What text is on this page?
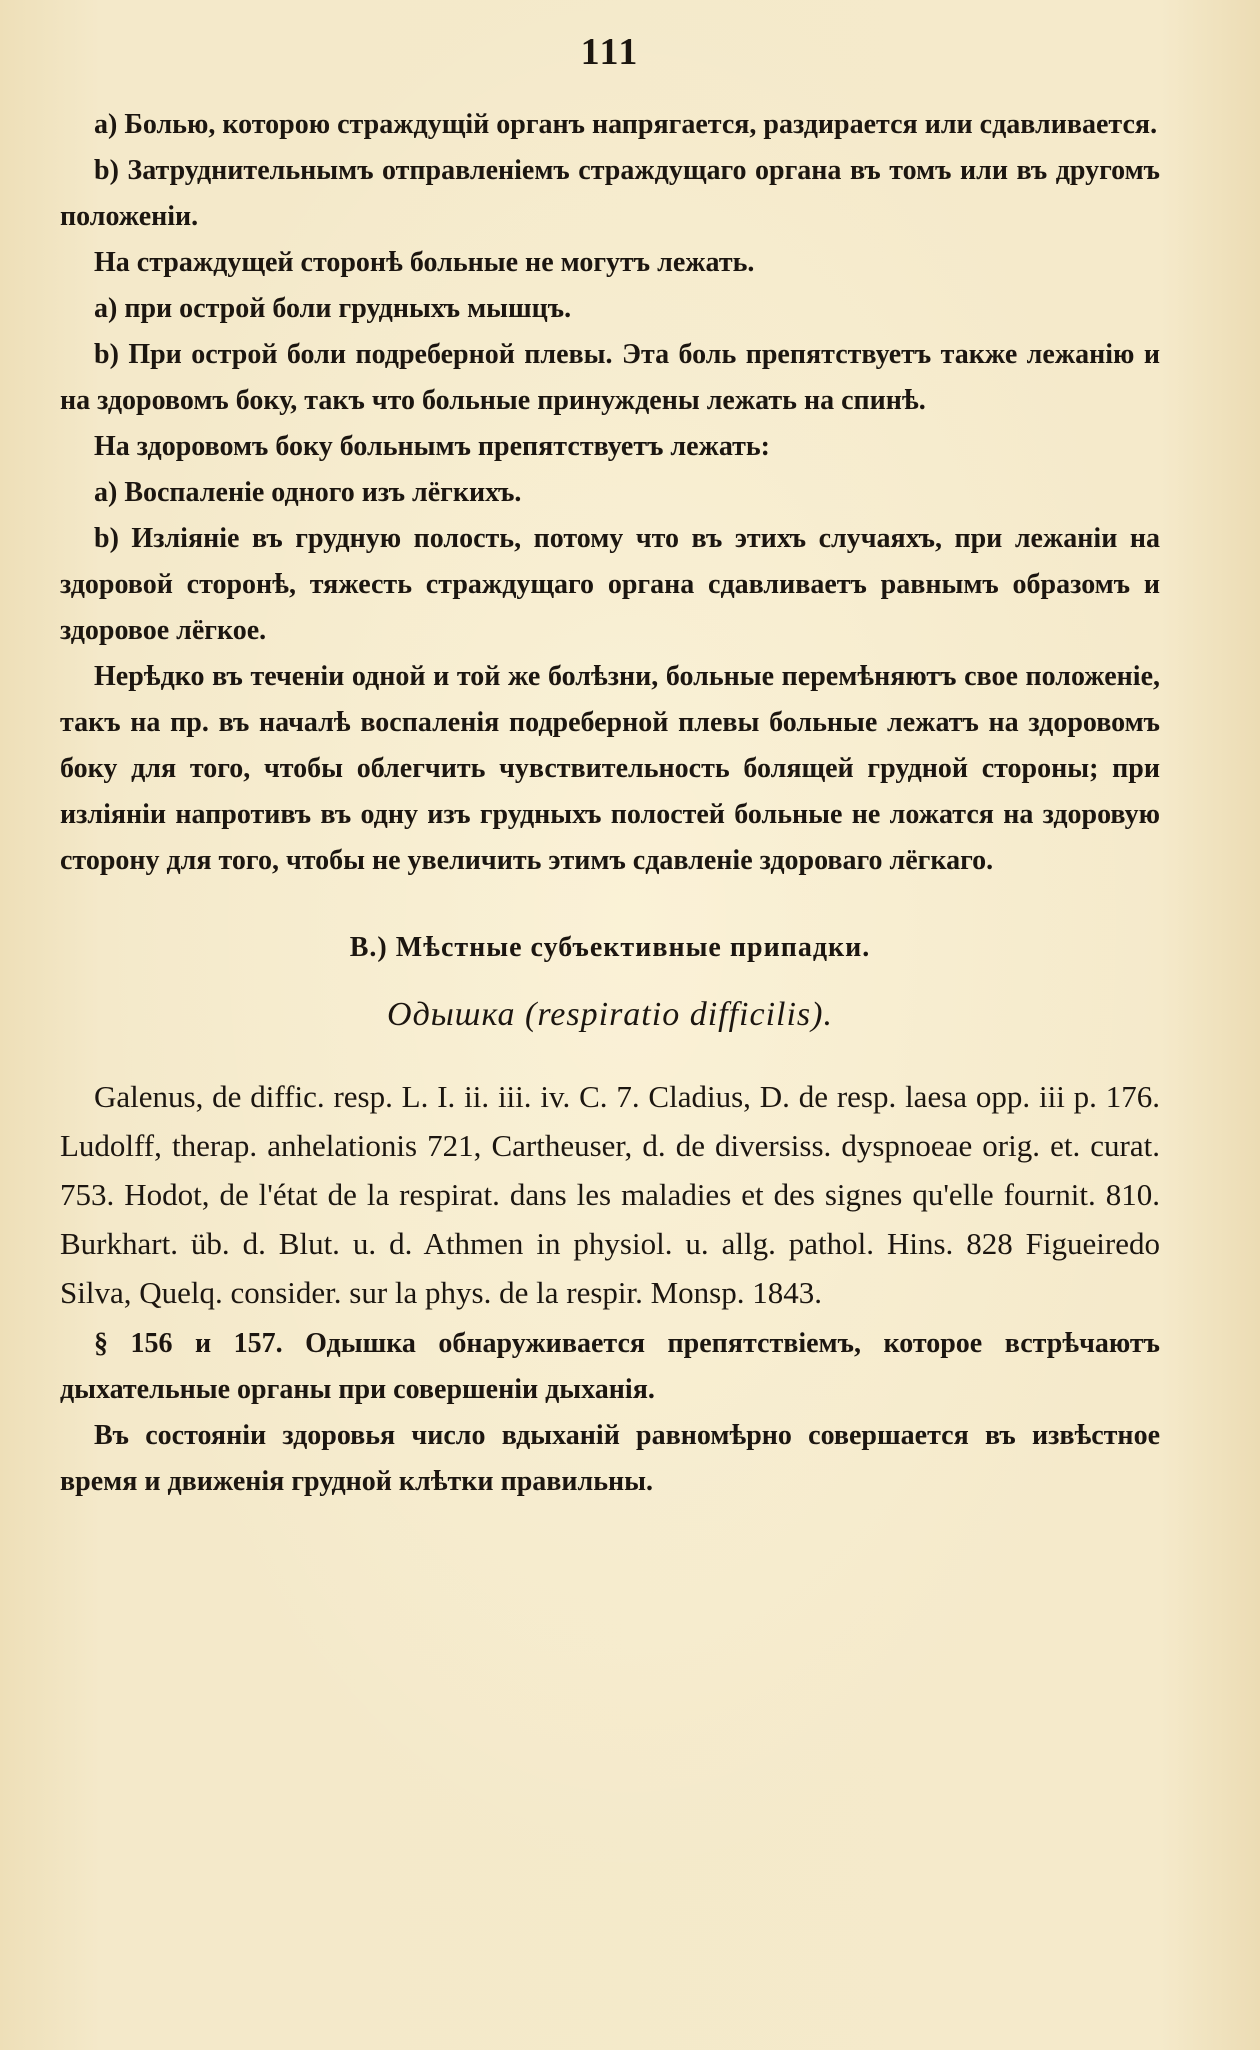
111

a) Болью, которою страждущій органъ напрягается, раздирается или сдавливается.

b) Затруднительнымъ отправленіемъ страждущаго органа въ томъ или въ другомъ положеніи.

На страждущей сторонѣ больные не могутъ лежать.

a) при острой боли грудныхъ мышцъ.

b) При острой боли подреберной плевы. Эта боль препятствуетъ также лежанію и на здоровомъ боку, такъ что больные принуждены лежать на спинѣ.

На здоровомъ боку больнымъ препятствуетъ лежать:

a) Воспаленіе одного изъ лёгкихъ.

b) Изліяніе въ грудную полость, потому что въ этихъ случаяхъ, при лежаніи на здоровой сторонѣ, тяжесть страждущаго органа сдавливаетъ равнымъ образомъ и здоровое лёгкое.

Нерѣдко въ теченіи одной и той же болѣзни, больные перемѣняютъ свое положеніе, такъ на пр. въ началѣ воспаленія подреберной плевы больные лежатъ на здоровомъ боку для того, чтобы облегчить чувствительность болящей грудной стороны; при изліяніи напротивъ въ одну изъ грудныхъ полостей больные не ложатся на здоровую сторону для того, чтобы не увеличить этимъ сдавленіе здороваго лёгкаго.

B.) Мѣстные субъективные припадки.
Одышка (respiratio difficilis).

Galenus, de diffic. resp. L. I. ii. iii. iv. C. 7. Cladius, D. de resp. laesa opp. iii p. 176. Ludolff, therap. anhelationis 721, Cartheuser, d. de diversiss. dyspnoeae orig. et. curat. 753. Hodot, de l'état de la respirat. dans les maladies et des signes qu'elle fournit. 810. Burkhart. üb. d. Blut. u. d. Athmen in physiol. u. allg. pathol. Hins. 828 Figueiredo Silva, Quelq. consider. sur la phys. de la respir. Monsp. 1843.

§ 156 и 157. Одышка обнаруживается препятствіемъ, которое встрѣчаютъ дыхательные органы при совершеніи дыханія.

Въ состояніи здоровья число вдыханій равномѣрно совершается въ извѣстное время и движенія грудной клѣтки правильны.
